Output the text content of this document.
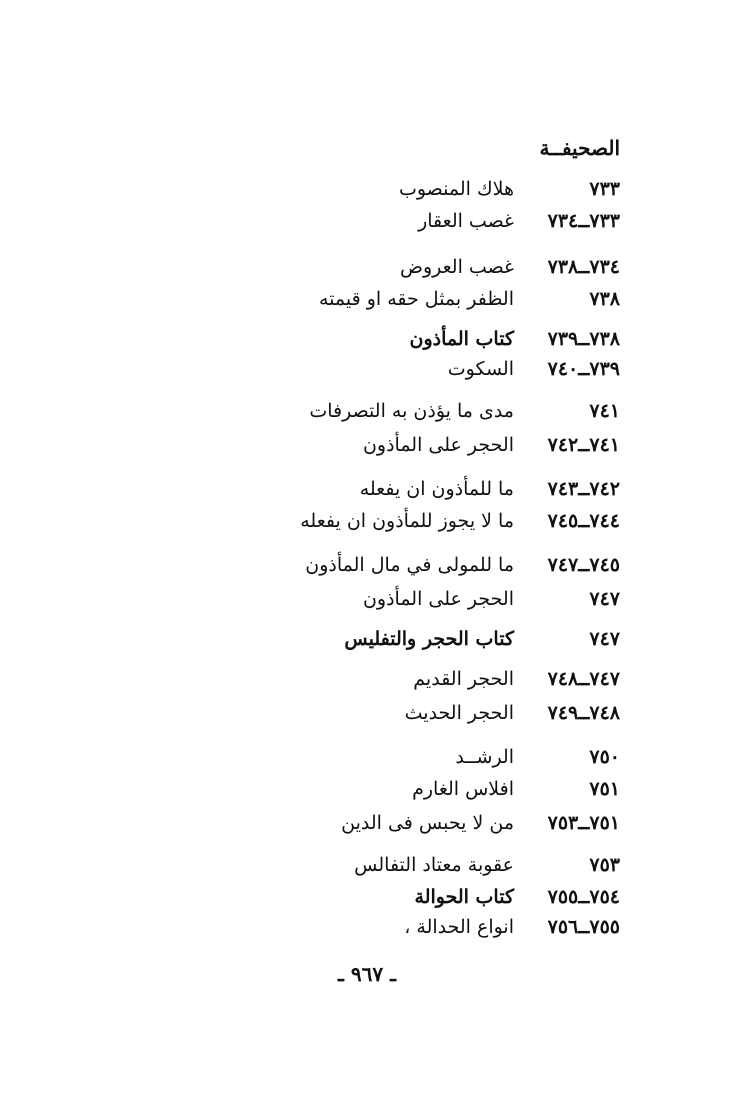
الصحيفــة
٧٣٣
هلاك المنصوب
٧٣٣ــ٧٣٤
غصب العقار
٧٣٤ــ٧٣٨
غصب العروض
٧٣٨
الظفر بمثل حقه او قيمته
٧٣٨ــ٧٣٩
كتاب المأذون
٧٣٩ــ٧٤٠
السكوت
٧٤١
مدى ما يؤذن به التصرفات
٧٤١ــ٧٤٢
الحجر على المأذون
٧٤٢ــ٧٤٣
ما للمأذون ان يفعله
٧٤٤ــ٧٤٥
ما لا يجوز للمأذون ان يفعله
٧٤٥ــ٧٤٧
ما للمولى في مال المأذون
٧٤٧
الحجر على المأذون
٧٤٧
كتاب الحجر والتفليس
٧٤٧ــ٧٤٨
الحجر القديم
٧٤٨ــ٧٤٩
الحجر الحديث
٧٥٠
الرشــد
٧٥١
افلاس الغارم
٧٥١ــ٧٥٣
من لا يحبس فى الدين
٧٥٣
عقوبة معتاد التفالس
٧٥٤ــ٧٥٥
كتاب الحوالة
٧٥٥ــ٧٥٦
انواع الحدالة ،
ـ ٩٦٧ ـ
